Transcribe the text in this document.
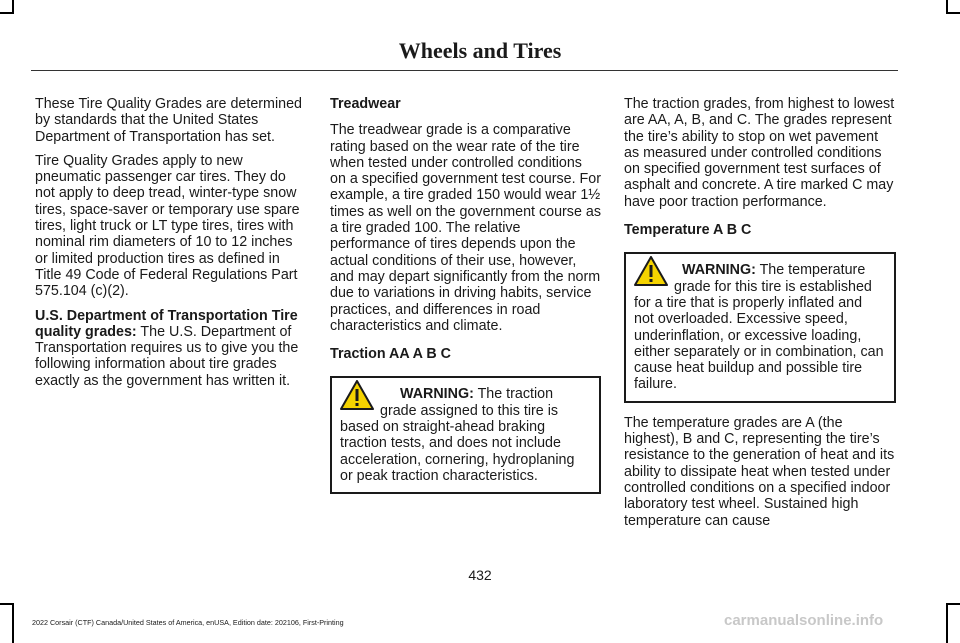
Wheels and Tires

These Tire Quality Grades are determined by standards that the United States Department of Transportation has set.

Tire Quality Grades apply to new pneumatic passenger car tires. They do not apply to deep tread, winter-type snow tires, space-saver or temporary use spare tires, light truck or LT type tires, tires with nominal rim diameters of 10 to 12 inches or limited production tires as defined in Title 49 Code of Federal Regulations Part 575.104 (c)(2).

U.S. Department of Transportation Tire quality grades: The U.S. Department of Transportation requires us to give you the following information about tire grades exactly as the government has written it.

Treadwear

The treadwear grade is a comparative rating based on the wear rate of the tire when tested under controlled conditions on a specified government test course. For example, a tire graded 150 would wear 1½ times as well on the government course as a tire graded 100. The relative performance of tires depends upon the actual conditions of their use, however, and may depart significantly from the norm due to variations in driving habits, service practices, and differences in road characteristics and climate.

Traction AA A B C

WARNING: The traction grade assigned to this tire is based on straight-ahead braking traction tests, and does not include acceleration, cornering, hydroplaning or peak traction characteristics.

The traction grades, from highest to lowest are AA, A, B, and C. The grades represent the tire’s ability to stop on wet pavement as measured under controlled conditions on specified government test surfaces of asphalt and concrete. A tire marked C may have poor traction performance.

Temperature A B C

WARNING: The temperature grade for this tire is established for a tire that is properly inflated and not overloaded. Excessive speed, underinflation, or excessive loading, either separately or in combination, can cause heat buildup and possible tire failure.

The temperature grades are A (the highest), B and C, representing the tire’s resistance to the generation of heat and its ability to dissipate heat when tested under controlled conditions on a specified indoor laboratory test wheel. Sustained high temperature can cause

432
2022 Corsair (CTF) Canada/United States of America, enUSA, Edition date: 202106, First-Printing	carmanualsonline.info
